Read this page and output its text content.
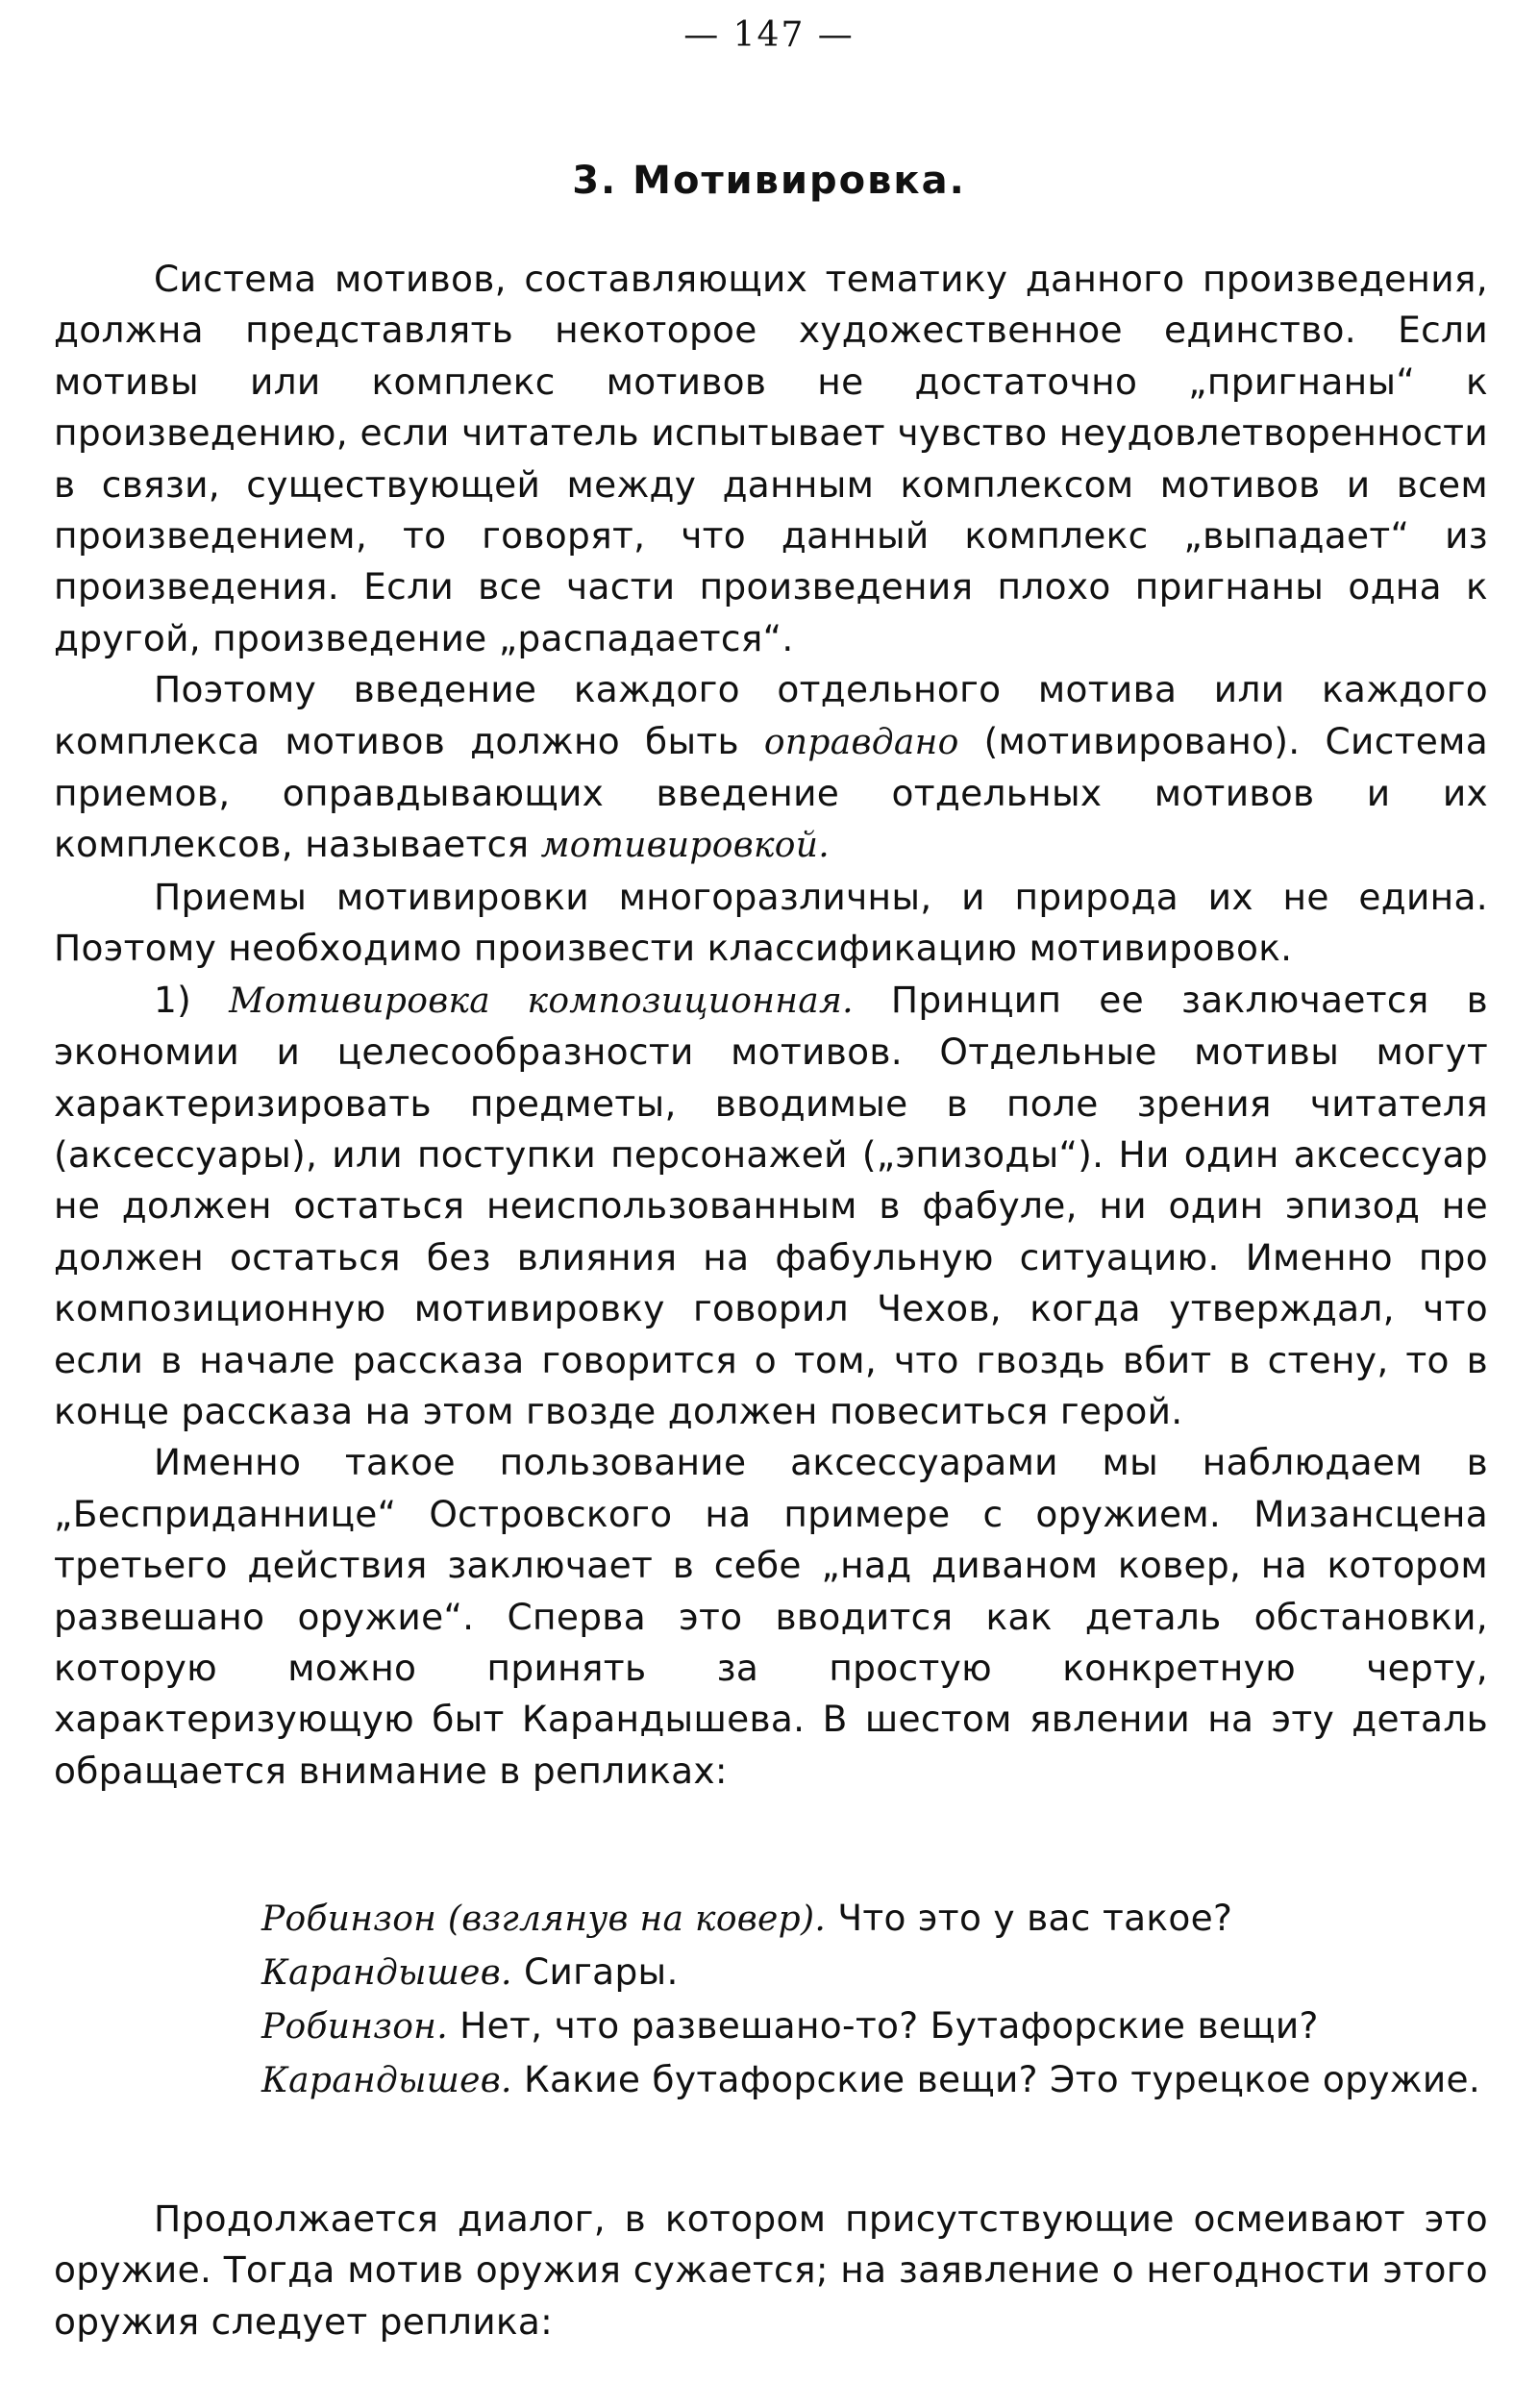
— 147 —
3. Мотивировка.

Система мотивов, составляющих тематику данного произведения, должна представлять некоторое художественное единство. Если мотивы или комплекс мотивов не достаточно „пригнаны“ к произведению, если читатель испытывает чувство неудовлетворенности в связи, существующей между данным комплексом мотивов и всем произведением, то говорят, что данный комплекс „выпадает“ из произведения. Если все части произведения плохо пригнаны одна к другой, произведение „распадается“.

Поэтому введение каждого отдельного мотива или каждого комплекса мотивов должно быть оправдано (мотивировано). Система приемов, оправдывающих введение отдельных мотивов и их комплексов, называется мотивировкой.

Приемы мотивировки многоразличны, и природа их не едина. Поэтому необходимо произвести классификацию мотивировок.

1) Мотивировка композиционная. Принцип ее заключается в экономии и целесообразности мотивов. Отдельные мотивы могут характеризировать предметы, вводимые в поле зрения читателя (аксессуары), или поступки персонажей („эпизоды“). Ни один аксессуар не должен остаться неиспользованным в фабуле, ни один эпизод не должен остаться без влияния на фабульную ситуацию. Именно про композиционную мотивировку говорил Чехов, когда утверждал, что если в начале рассказа говорится о том, что гвоздь вбит в стену, то в конце рассказа на этом гвозде должен повеситься герой.

Именно такое пользование аксессуарами мы наблюдаем в „Бесприданнице“ Островского на примере с оружием. Мизансцена третьего действия заключает в себе „над диваном ковер, на котором развешано оружие“. Сперва это вводится как деталь обстановки, которую можно принять за простую конкретную черту, характеризующую быт Карандышева. В шестом явлении на эту деталь обращается внимание в репликах:

Робинзон (взглянув на ковер). Что это у вас такое?
Карандышев. Сигары.
Робинзон. Нет, что развешано-то? Бутафорские вещи?
Карандышев. Какие бутафорские вещи? Это турецкое оружие.

Продолжается диалог, в котором присутствующие осмеивают это оружие. Тогда мотив оружия сужается; на заявление о негодности этого оружия следует реплика:
